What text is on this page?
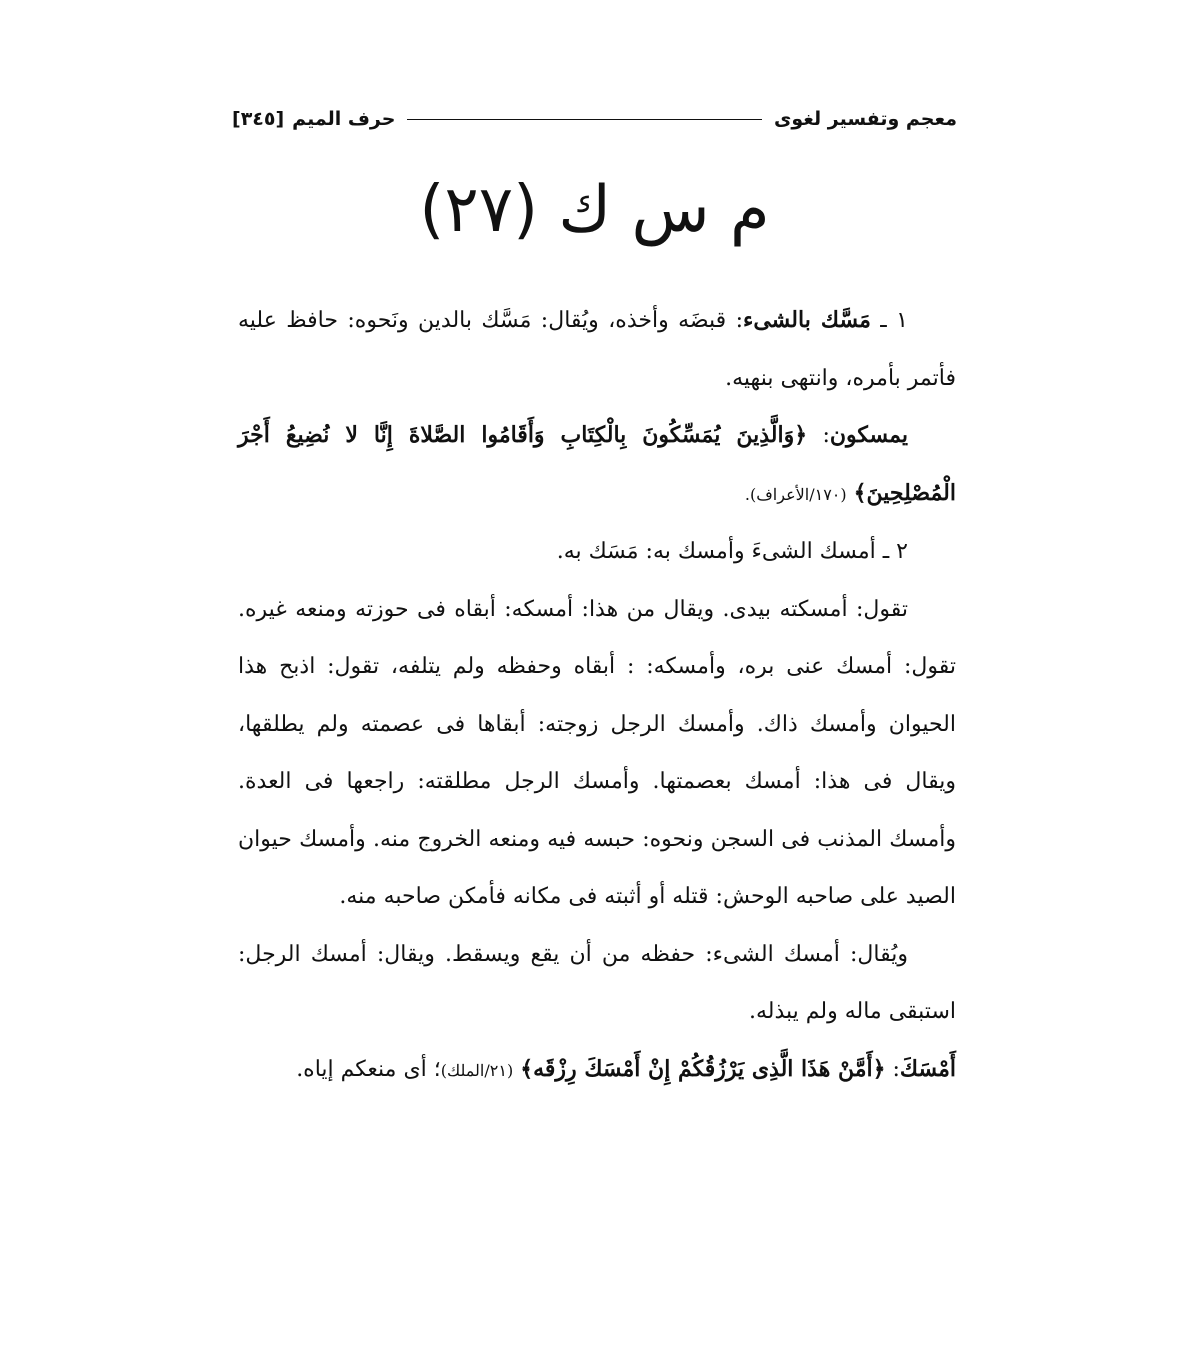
معجم وتفسير لغوى
حرف الميم
[٣٤٥]
م س ك (٢٧)

١ ـ مَسَّك بالشىء: قبضَه وأخذه، ويُقال: مَسَّك بالدين ونَحوه: حافظ عليه فأتمر بأمره، وانتهى بنهيه.

يمسكون: ﴿وَالَّذِينَ يُمَسِّكُونَ بِالْكِتَابِ وَأَقَامُوا الصَّلاةَ إِنَّا لا نُضِيعُ أَجْرَ الْمُصْلِحِينَ﴾ (١٧٠/الأعراف).

٢ ـ أمسك الشىءَ وأمسك به: مَسَك به.

تقول: أمسكته بيدى. ويقال من هذا: أمسكه: أبقاه فى حوزته ومنعه غيره. تقول: أمسك عنى بره، وأمسكه: : أبقاه وحفظه ولم يتلفه، تقول: اذبح هذا الحيوان وأمسك ذاك. وأمسك الرجل زوجته: أبقاها فى عصمته ولم يطلقها، ويقال فى هذا: أمسك بعصمتها. وأمسك الرجل مطلقته: راجعها فى العدة. وأمسك المذنب فى السجن ونحوه: حبسه فيه ومنعه الخروج منه. وأمسك حيوان الصيد على صاحبه الوحش: قتله أو أثبته فى مكانه فأمكن صاحبه منه.

ويُقال: أمسك الشىء: حفظه من أن يقع ويسقط. ويقال: أمسك الرجل: استبقى ماله ولم يبذله.

أَمْسَكَ: ﴿أَمَّنْ هَذَا الَّذِى يَرْزُقُكُمْ إِنْ أَمْسَكَ رِزْقَه﴾ (٢١/الملك)؛ أى منعكم إياه.
